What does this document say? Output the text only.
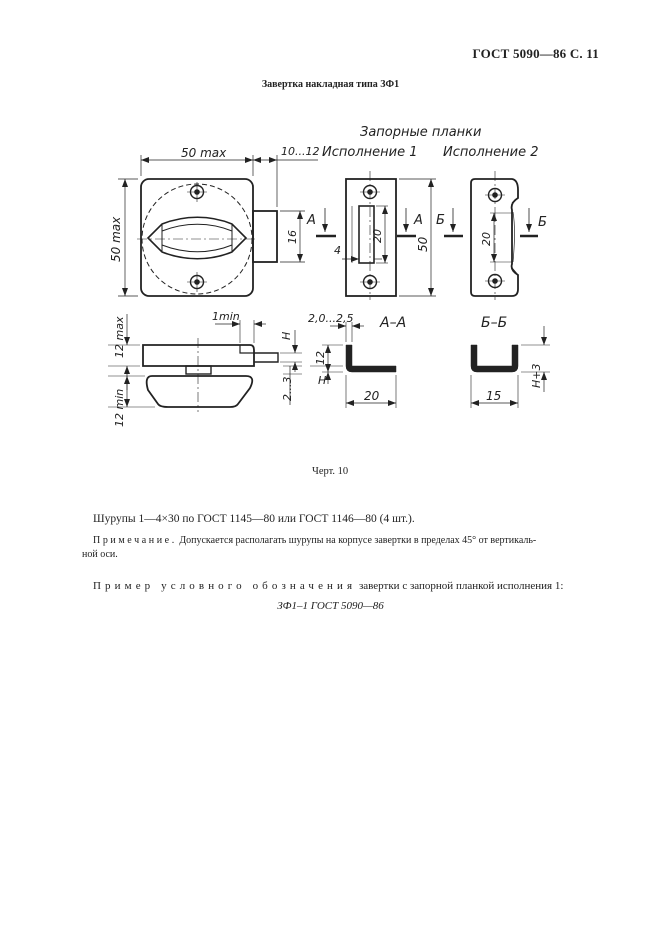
ГОСТ 5090—86 С. 11
Завертка накладная типа ЗФ1
Запорные планки
Исполнение 1 Исполнение 2
50 max	10...12
50 max	16
А
20
4
А
50
Б
20
Б
12 max
12 min
1min
H
2...3
А–А
2,0...2,5
12
H
20
Б–Б
H+3
15
Черт. 10
Шурупы 1—4×30 по ГОСТ 1145—80 или ГОСТ 1146—80 (4 шт.).
Примечание. Допускается располагать шурупы на корпусе завертки в пределах 45° от вертикаль-
ной оси.
Пример условного обозначения завертки с запорной планкой исполнения 1:
ЗФ1–1 ГОСТ 5090—86
